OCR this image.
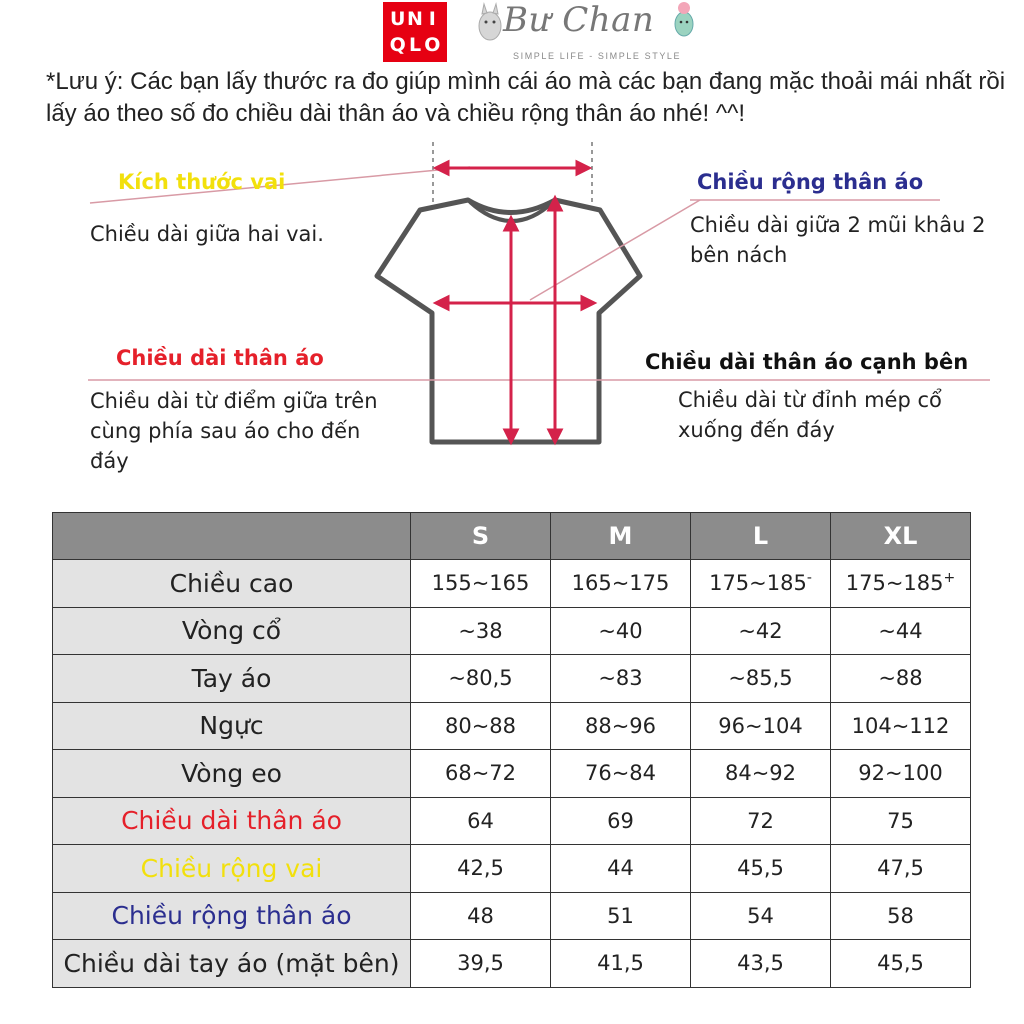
U N I
Q L O
Bư Chan
SIMPLE LIFE - SIMPLE STYLE
*Lưu ý: Các bạn lấy thước ra đo giúp mình cái áo mà các bạn đang mặc thoải mái nhất rồi lấy áo theo số đo chiều dài thân áo và chiều rộng thân áo nhé! ^^!
Kích thước vai
Chiều dài giữa hai vai.
Chiều rộng thân áo
Chiều dài giữa 2 mũi khâu 2 bên nách
Chiều dài thân áo
Chiều dài từ điểm giữa trên cùng phía sau áo cho đến đáy
Chiều dài thân áo cạnh bên
Chiều dài từ đỉnh mép cổ xuống đến đáy
	S	M	L	XL
Chiều cao	155~165	165~175	175~185-	175~185+
Vòng cổ	~38	~40	~42	~44
Tay áo	~80,5	~83	~85,5	~88
Ngực	80~88	88~96	96~104	104~112
Vòng eo	68~72	76~84	84~92	92~100
Chiều dài thân áo	64	69	72	75
Chiều rộng vai	42,5	44	45,5	47,5
Chiều rộng thân áo	48	51	54	58
Chiều dài tay áo (mặt bên)	39,5	41,5	43,5	45,5
